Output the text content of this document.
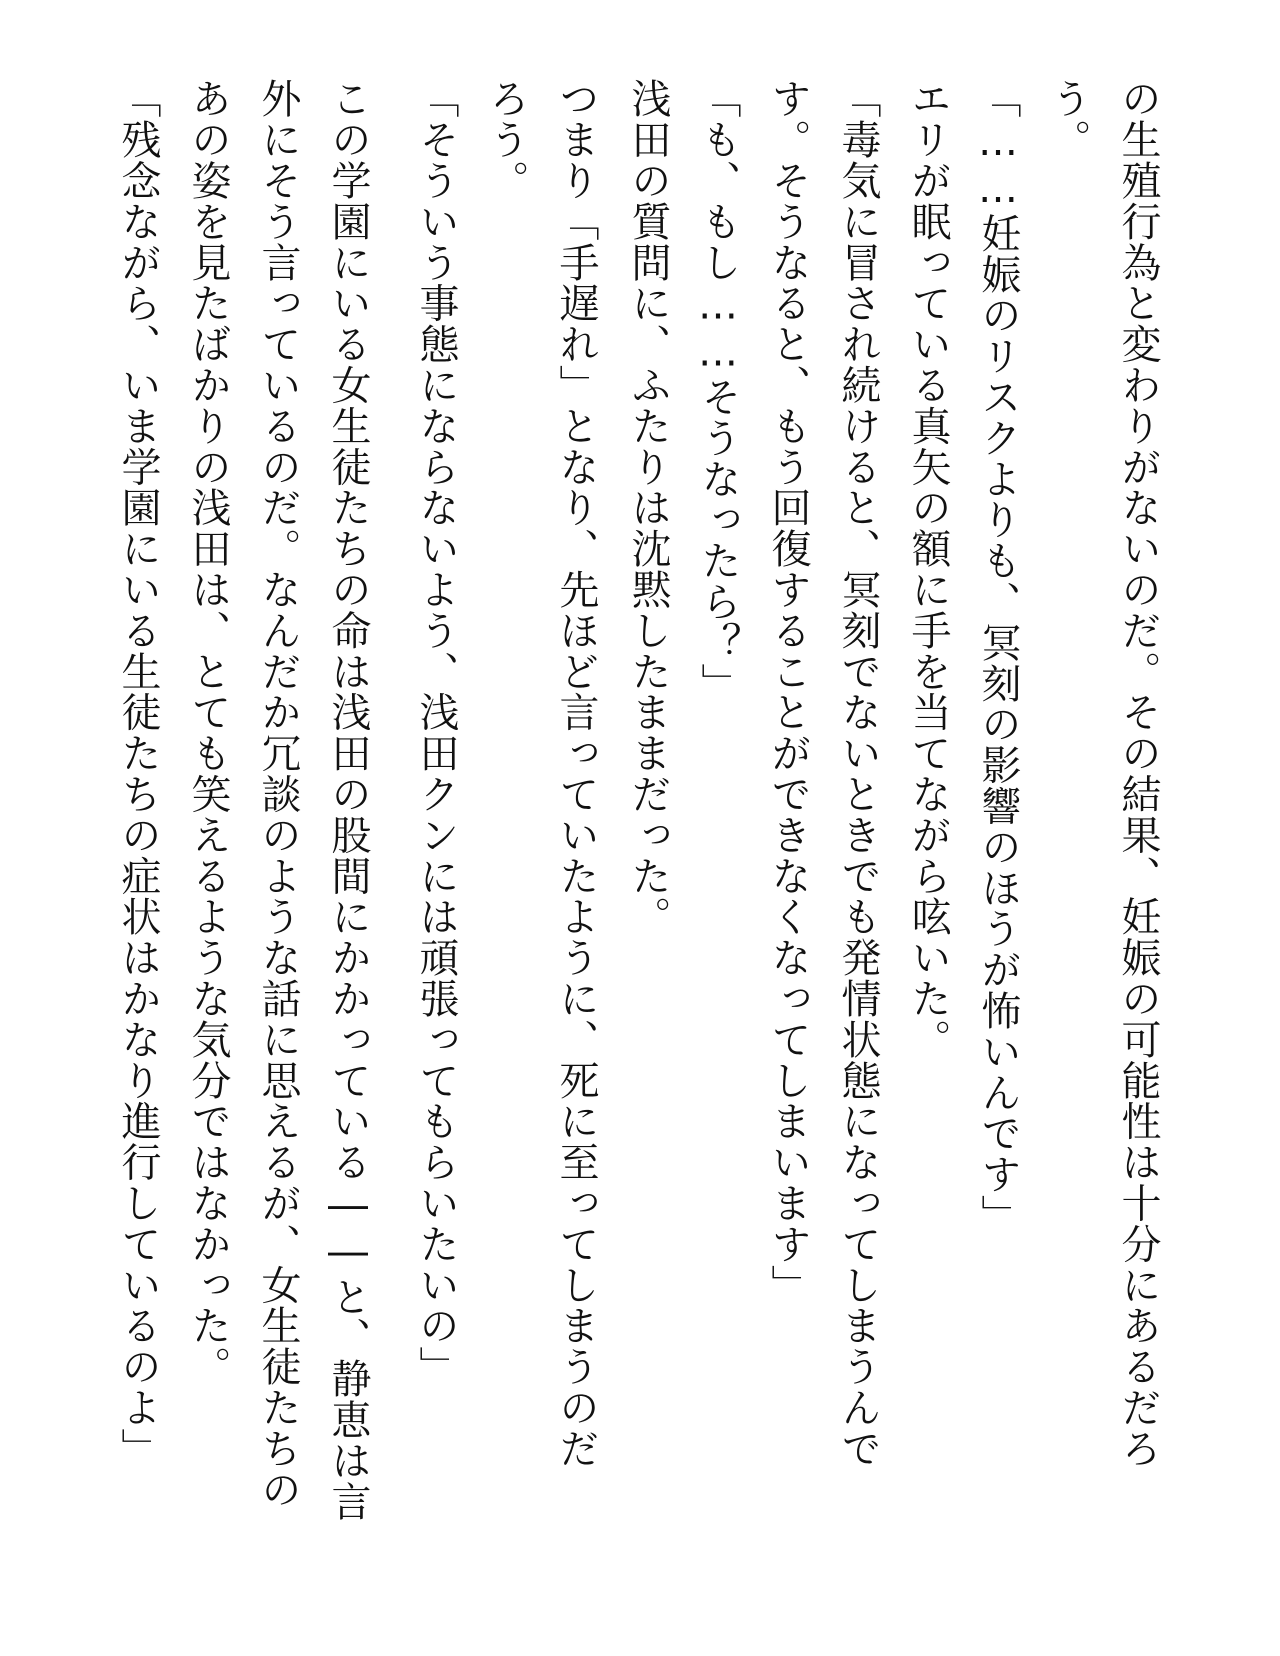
の生殖行為と変わりがないのだ。その結果、妊娠の可能性は十分にあるだろ
う。
「……妊娠のリスクよりも、冥刻の影響のほうが怖いんです」
エリが眠っている真矢の額に手を当てながら呟いた。
「毒気に冒され続けると、冥刻でないときでも発情状態になってしまうんで
す。そうなると、もう回復することができなくなってしまいます」
「も、もし……そうなったら？」
浅田の質問に、ふたりは沈黙したままだった。
つまり「手遅れ」となり、先ほど言っていたように、死に至ってしまうのだ
ろう。
「そういう事態にならないよう、浅田クンには頑張ってもらいたいの」
この学園にいる女生徒たちの命は浅田の股間にかかっている――と、静恵は言
外にそう言っているのだ。なんだか冗談のような話に思えるが、女生徒たちの
あの姿を見たばかりの浅田は、とても笑えるような気分ではなかった。
「残念ながら、いま学園にいる生徒たちの症状はかなり進行しているのよ」
